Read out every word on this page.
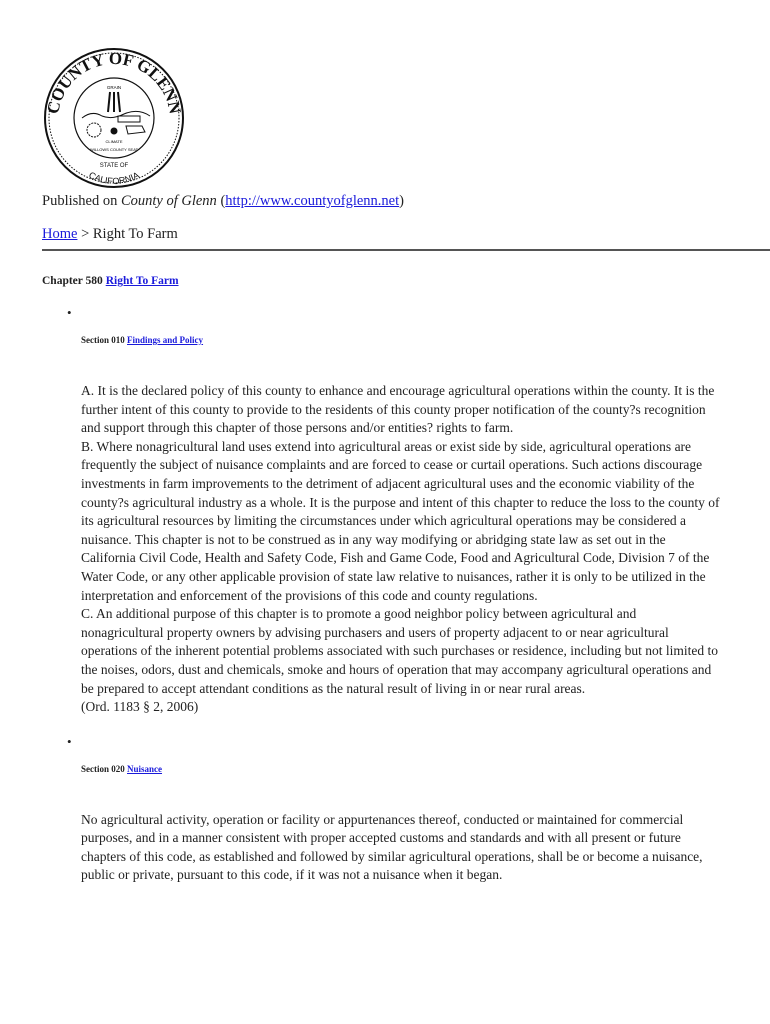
COUNTY OF GLENN
CALIFORNIA
STATE OF
GRAIN
CLIMATE
WILLOWS COUNTY SEAT
Published on County of Glenn (http://www.countyofglenn.net)
Home > Right To Farm
Chapter 580 Right To Farm
•
Section 010 Findings and Policy
A. It is the declared policy of this county to enhance and encourage agricultural operations within the county. It is the further intent of this county to provide to the residents of this county proper notification of the county?s recognition and support through this chapter of those persons and/or entities? rights to farm.
B. Where nonagricultural land uses extend into agricultural areas or exist side by side, agricultural operations are frequently the subject of nuisance complaints and are forced to cease or curtail operations. Such actions discourage investments in farm improvements to the detriment of adjacent agricultural uses and the economic viability of the county?s agricultural industry as a whole. It is the purpose and intent of this chapter to reduce the loss to the county of its agricultural resources by limiting the circumstances under which agricultural operations may be considered a nuisance. This chapter is not to be construed as in any way modifying or abridging state law as set out in the California Civil Code, Health and Safety Code, Fish and Game Code, Food and Agricultural Code, Division 7 of the Water Code, or any other applicable provision of state law relative to nuisances, rather it is only to be utilized in the interpretation and enforcement of the provisions of this code and county regulations.
C. An additional purpose of this chapter is to promote a good neighbor policy between agricultural and nonagricultural property owners by advising purchasers and users of property adjacent to or near agricultural operations of the inherent potential problems associated with such purchases or residence, including but not limited to the noises, odors, dust and chemicals, smoke and hours of operation that may accompany agricultural operations and be prepared to accept attendant conditions as the natural result of living in or near rural areas.
(Ord. 1183 § 2, 2006)
•
Section 020 Nuisance
No agricultural activity, operation or facility or appurtenances thereof, conducted or maintained for commercial purposes, and in a manner consistent with proper accepted customs and standards and with all present or future chapters of this code, as established and followed by similar agricultural operations, shall be or become a nuisance, public or private, pursuant to this code, if it was not a nuisance when it began.
